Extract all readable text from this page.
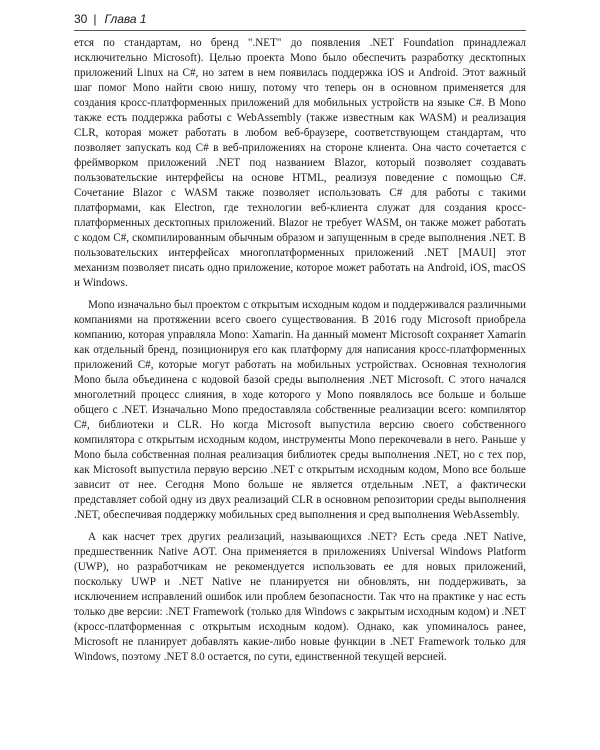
30 | Глава 1

ется по стандартам, но бренд ".NET" до появления .NET Foundation принадлежал исключительно Microsoft). Целью проекта Mono было обеспечить разработку десктопных приложений Linux на C#, но затем в нем появилась поддержка iOS и Android. Этот важный шаг помог Mono найти свою нишу, потому что теперь он в основном применяется для создания кросс-платформенных приложений для мобильных устройств на языке C#. В Mono также есть поддержка работы с WebAssembly (также известным как WASM) и реализация CLR, которая может работать в любом веб-браузере, соответствующем стандартам, что позволяет запускать код C# в веб-приложениях на стороне клиента. Она часто сочетается с фреймворком приложений .NET под названием Blazor, который позволяет создавать пользовательские интерфейсы на основе HTML, реализуя поведение с помощью C#. Сочетание Blazor с WASM также позволяет использовать C# для работы с такими платформами, как Electron, где технологии веб-клиента служат для создания кросс-платформенных десктопных приложений. Blazor не требует WASM, он также может работать с кодом C#, скомпилированным обычным образом и запущенным в среде выполнения .NET. В пользовательских интерфейсах многоплатформенных приложений .NET [MAUI] этот механизм позволяет писать одно приложение, которое может работать на Android, iOS, macOS и Windows.

Mono изначально был проектом с открытым исходным кодом и поддерживался различными компаниями на протяжении всего своего существования. В 2016 году Microsoft приобрела компанию, которая управляла Mono: Xamarin. На данный момент Microsoft сохраняет Xamarin как отдельный бренд, позиционируя его как платформу для написания кросс-платформенных приложений C#, которые могут работать на мобильных устройствах. Основная технология Mono была объединена с кодовой базой среды выполнения .NET Microsoft. С этого начался многолетний процесс слияния, в ходе которого у Mono появлялось все больше и больше общего с .NET. Изначально Mono предоставляла собственные реализации всего: компилятор C#, библиотеки и CLR. Но когда Microsoft выпустила версию своего собственного компилятора с открытым исходным кодом, инструменты Mono перекочевали в него. Раньше у Mono была собственная полная реализация библиотек среды выполнения .NET, но с тех пор, как Microsoft выпустила первую версию .NET с открытым исходным кодом, Mono все больше зависит от нее. Сегодня Mono больше не является отдельным .NET, а фактически представляет собой одну из двух реализаций CLR в основном репозитории среды выполнения .NET, обеспечивая поддержку мобильных сред выполнения и сред выполнения WebAssembly.

А как насчет трех других реализаций, называющихся .NET? Есть среда .NET Native, предшественник Native AOT. Она применяется в приложениях Universal Windows Platform (UWP), но разработчикам не рекомендуется использовать ее для новых приложений, поскольку UWP и .NET Native не планируется ни обновлять, ни поддерживать, за исключением исправлений ошибок или проблем безопасности. Так что на практике у нас есть только две версии: .NET Framework (только для Windows с закрытым исходным кодом) и .NET (кросс-платформенная с открытым исходным кодом). Однако, как упоминалось ранее, Microsoft не планирует добавлять какие-либо новые функции в .NET Framework только для Windows, поэтому .NET 8.0 остается, по сути, единственной текущей версией.
